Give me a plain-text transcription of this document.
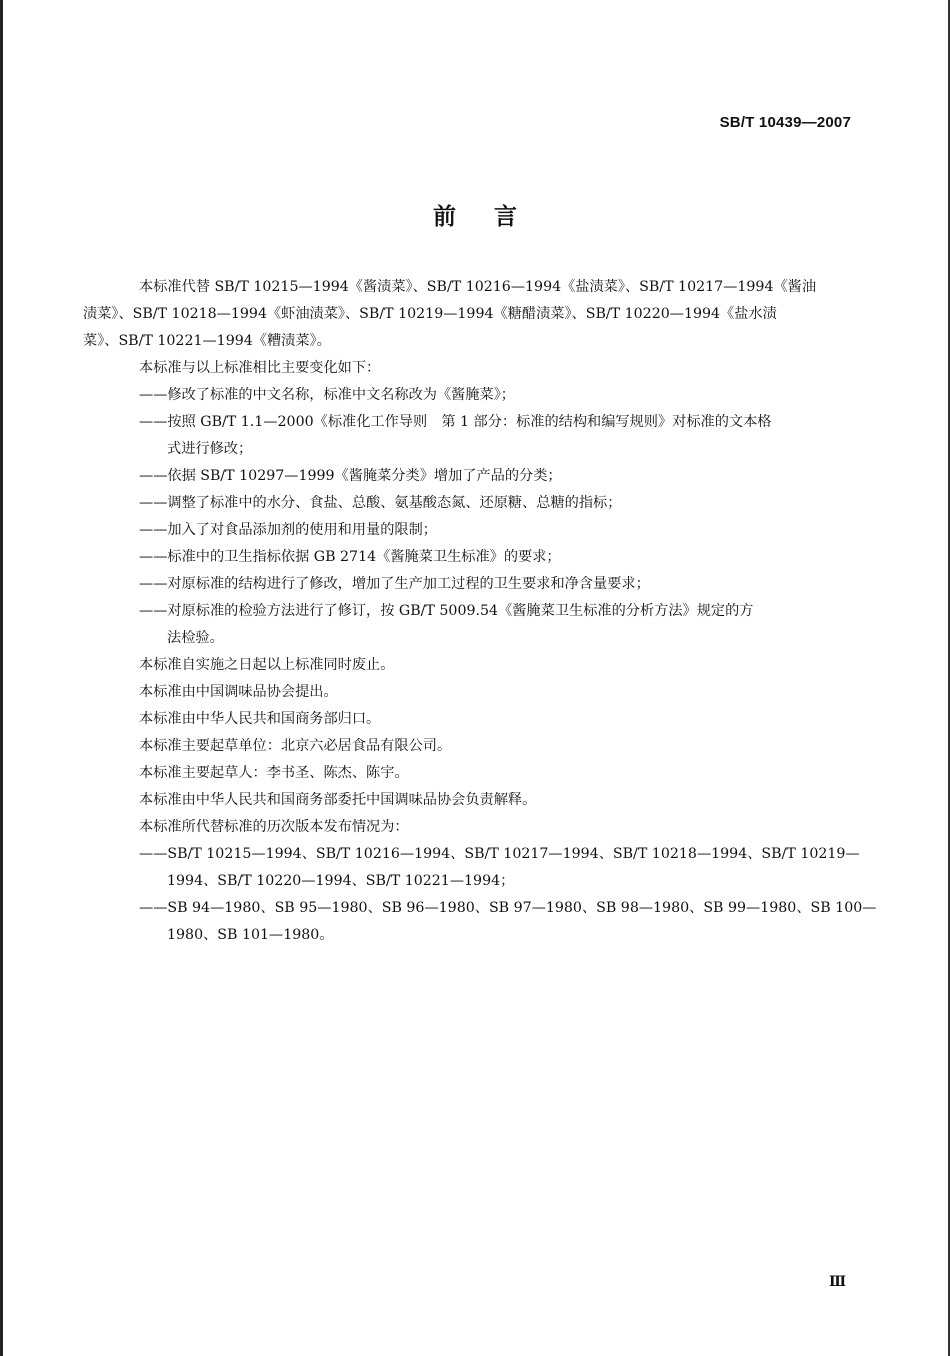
SB/T 10439—2007
前言
本标准代替 SB/T 10215—1994《酱渍菜》、SB/T 10216—1994《盐渍菜》、SB/T 10217—1994《酱油
渍菜》、SB/T 10218—1994《虾油渍菜》、SB/T 10219—1994《糖醋渍菜》、SB/T 10220—1994《盐水渍
菜》、SB/T 10221—1994《糟渍菜》。
本标准与以上标准相比主要变化如下：
——修改了标准的中文名称，标准中文名称改为《酱腌菜》；
——按照 GB/T 1.1—2000《标准化工作导则　第 1 部分：标准的结构和编写规则》对标准的文本格
式进行修改；
——依据 SB/T 10297—1999《酱腌菜分类》增加了产品的分类；
——调整了标准中的水分、食盐、总酸、氨基酸态氮、还原糖、总糖的指标；
——加入了对食品添加剂的使用和用量的限制；
——标准中的卫生指标依据 GB 2714《酱腌菜卫生标准》的要求；
——对原标准的结构进行了修改，增加了生产加工过程的卫生要求和净含量要求；
——对原标准的检验方法进行了修订，按 GB/T 5009.54《酱腌菜卫生标准的分析方法》规定的方
法检验。
本标准自实施之日起以上标准同时废止。
本标准由中国调味品协会提出。
本标准由中华人民共和国商务部归口。
本标准主要起草单位：北京六必居食品有限公司。
本标准主要起草人：李书圣、陈杰、陈宇。
本标准由中华人民共和国商务部委托中国调味品协会负责解释。
本标准所代替标准的历次版本发布情况为：
——SB/T 10215—1994、SB/T 10216—1994、SB/T 10217—1994、SB/T 10218—1994、SB/T 10219—
1994、SB/T 10220—1994、SB/T 10221—1994；
——SB 94—1980、SB 95—1980、SB 96—1980、SB 97—1980、SB 98—1980、SB 99—1980、SB 100—
1980、SB 101—1980。
Ⅲ
